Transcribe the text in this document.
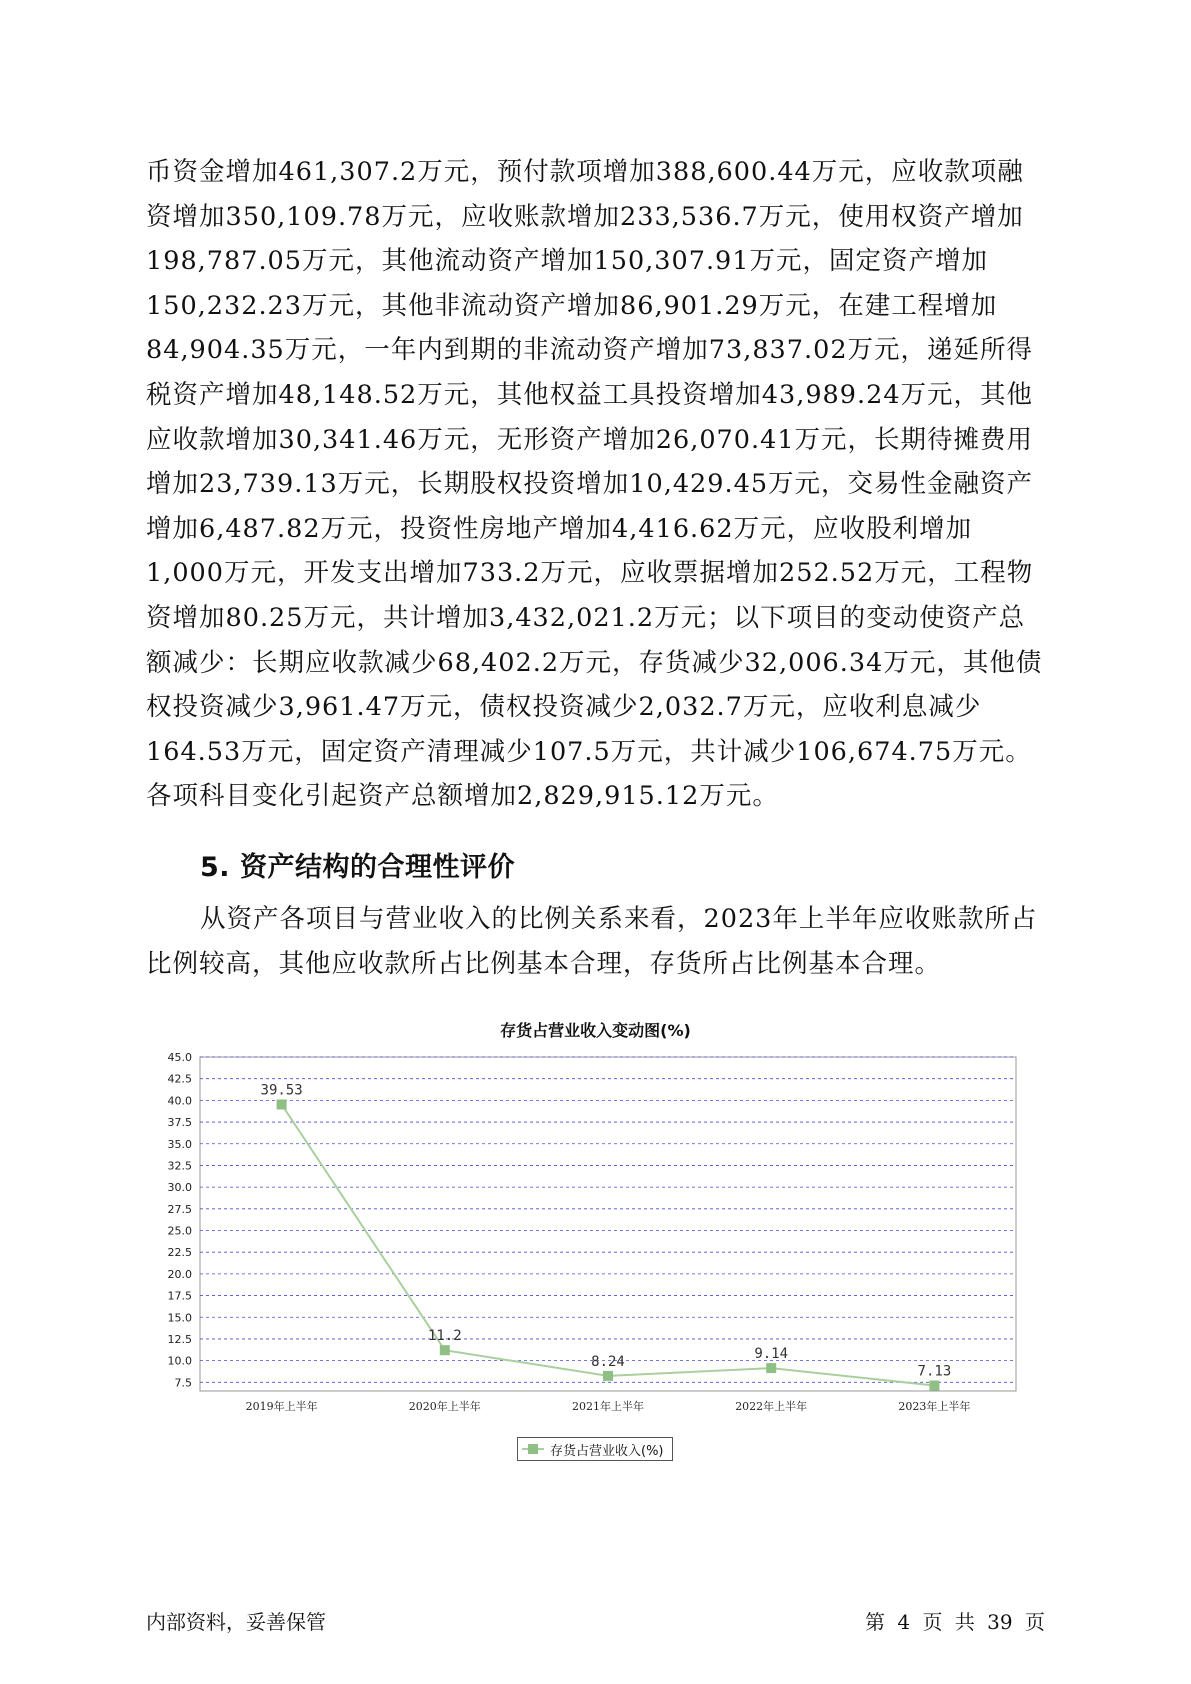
币资金增加461,307.2万元，预付款项增加388,600.44万元，应收款项融资增加350,109.78万元，应收账款增加233,536.7万元，使用权资产增加198,787.05万元，其他流动资产增加150,307.91万元，固定资产增加150,232.23万元，其他非流动资产增加86,901.29万元，在建工程增加84,904.35万元，一年内到期的非流动资产增加73,837.02万元，递延所得税资产增加48,148.52万元，其他权益工具投资增加43,989.24万元，其他应收款增加30,341.46万元，无形资产增加26,070.41万元，长期待摊费用增加23,739.13万元，长期股权投资增加10,429.45万元，交易性金融资产增加6,487.82万元，投资性房地产增加4,416.62万元，应收股利增加1,000万元，开发支出增加733.2万元，应收票据增加252.52万元，工程物资增加80.25万元，共计增加3,432,021.2万元；以下项目的变动使资产总额减少：长期应收款减少68,402.2万元，存货减少32,006.34万元，其他债权投资减少3,961.47万元，债权投资减少2,032.7万元，应收利息减少164.53万元，固定资产清理减少107.5万元，共计减少106,674.75万元。各项科目变化引起资产总额增加2,829,915.12万元。

5. 资产结构的合理性评价

从资产各项目与营业收入的比例关系来看，2023年上半年应收账款所占比例较高，其他应收款所占比例基本合理，存货所占比例基本合理。

存货占营业收入变动图(%)
45.0
42.5
40.0
37.5
35.0
32.5
30.0
27.5
25.0
22.5
20.0
17.5
15.0
12.5
10.0
7.5
2019年上半年	2020年上半年	2021年上半年	2022年上半年	2023年上半年
39.53
11.2
8.24	9.14
7.13
存货占营业收入(%)
内部资料，妥善保管	第 4 页 共 39 页
